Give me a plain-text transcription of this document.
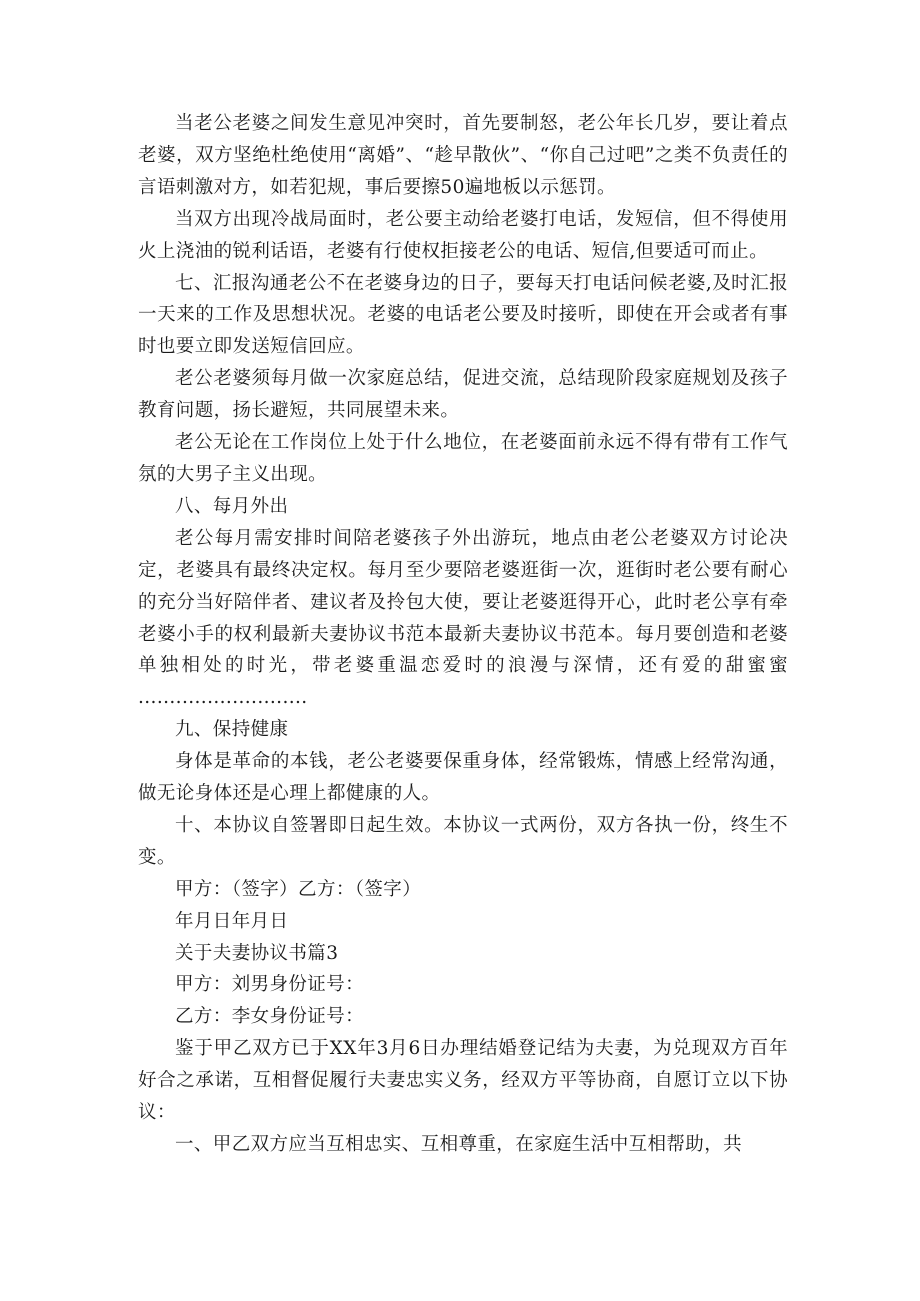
当老公老婆之间发生意见冲突时，首先要制怒，老公年长几岁，要让着点老婆，双方坚绝杜绝使用“离婚”、“趁早散伙”、“你自己过吧”之类不负责任的言语刺激对方，如若犯规，事后要擦50遍地板以示惩罚。

当双方出现冷战局面时，老公要主动给老婆打电话，发短信，但不得使用火上浇油的锐利话语，老婆有行使权拒接老公的电话、短信,但要适可而止。

七、汇报沟通老公不在老婆身边的日子，要每天打电话问候老婆,及时汇报一天来的工作及思想状况。老婆的电话老公要及时接听，即使在开会或者有事时也要立即发送短信回应。

老公老婆须每月做一次家庭总结，促进交流，总结现阶段家庭规划及孩子教育问题，扬长避短，共同展望未来。

老公无论在工作岗位上处于什么地位，在老婆面前永远不得有带有工作气氛的大男子主义出现。

八、每月外出

老公每月需安排时间陪老婆孩子外出游玩，地点由老公老婆双方讨论决定，老婆具有最终决定权。每月至少要陪老婆逛街一次，逛街时老公要有耐心的充分当好陪伴者、建议者及拎包大使，要让老婆逛得开心，此时老公享有牵老婆小手的权利最新夫妻协议书范本最新夫妻协议书范本。每月要创造和老婆单独相处的时光，带老婆重温恋爱时的浪漫与深情，还有爱的甜蜜蜜 ...........................

九、保持健康

身体是革命的本钱，老公老婆要保重身体，经常锻炼，情感上经常沟通，做无论身体还是心理上都健康的人。

十、本协议自签署即日起生效。本协议一式两份，双方各执一份，终生不变。

甲方：（签字）乙方：（签字）

年月日年月日

关于夫妻协议书篇3

甲方：刘男身份证号：

乙方：李女身份证号：

鉴于甲乙双方已于XX年3月6日办理结婚登记结为夫妻，为兑现双方百年好合之承诺，互相督促履行夫妻忠实义务，经双方平等协商，自愿订立以下协议：

一、甲乙双方应当互相忠实、互相尊重，在家庭生活中互相帮助，共
